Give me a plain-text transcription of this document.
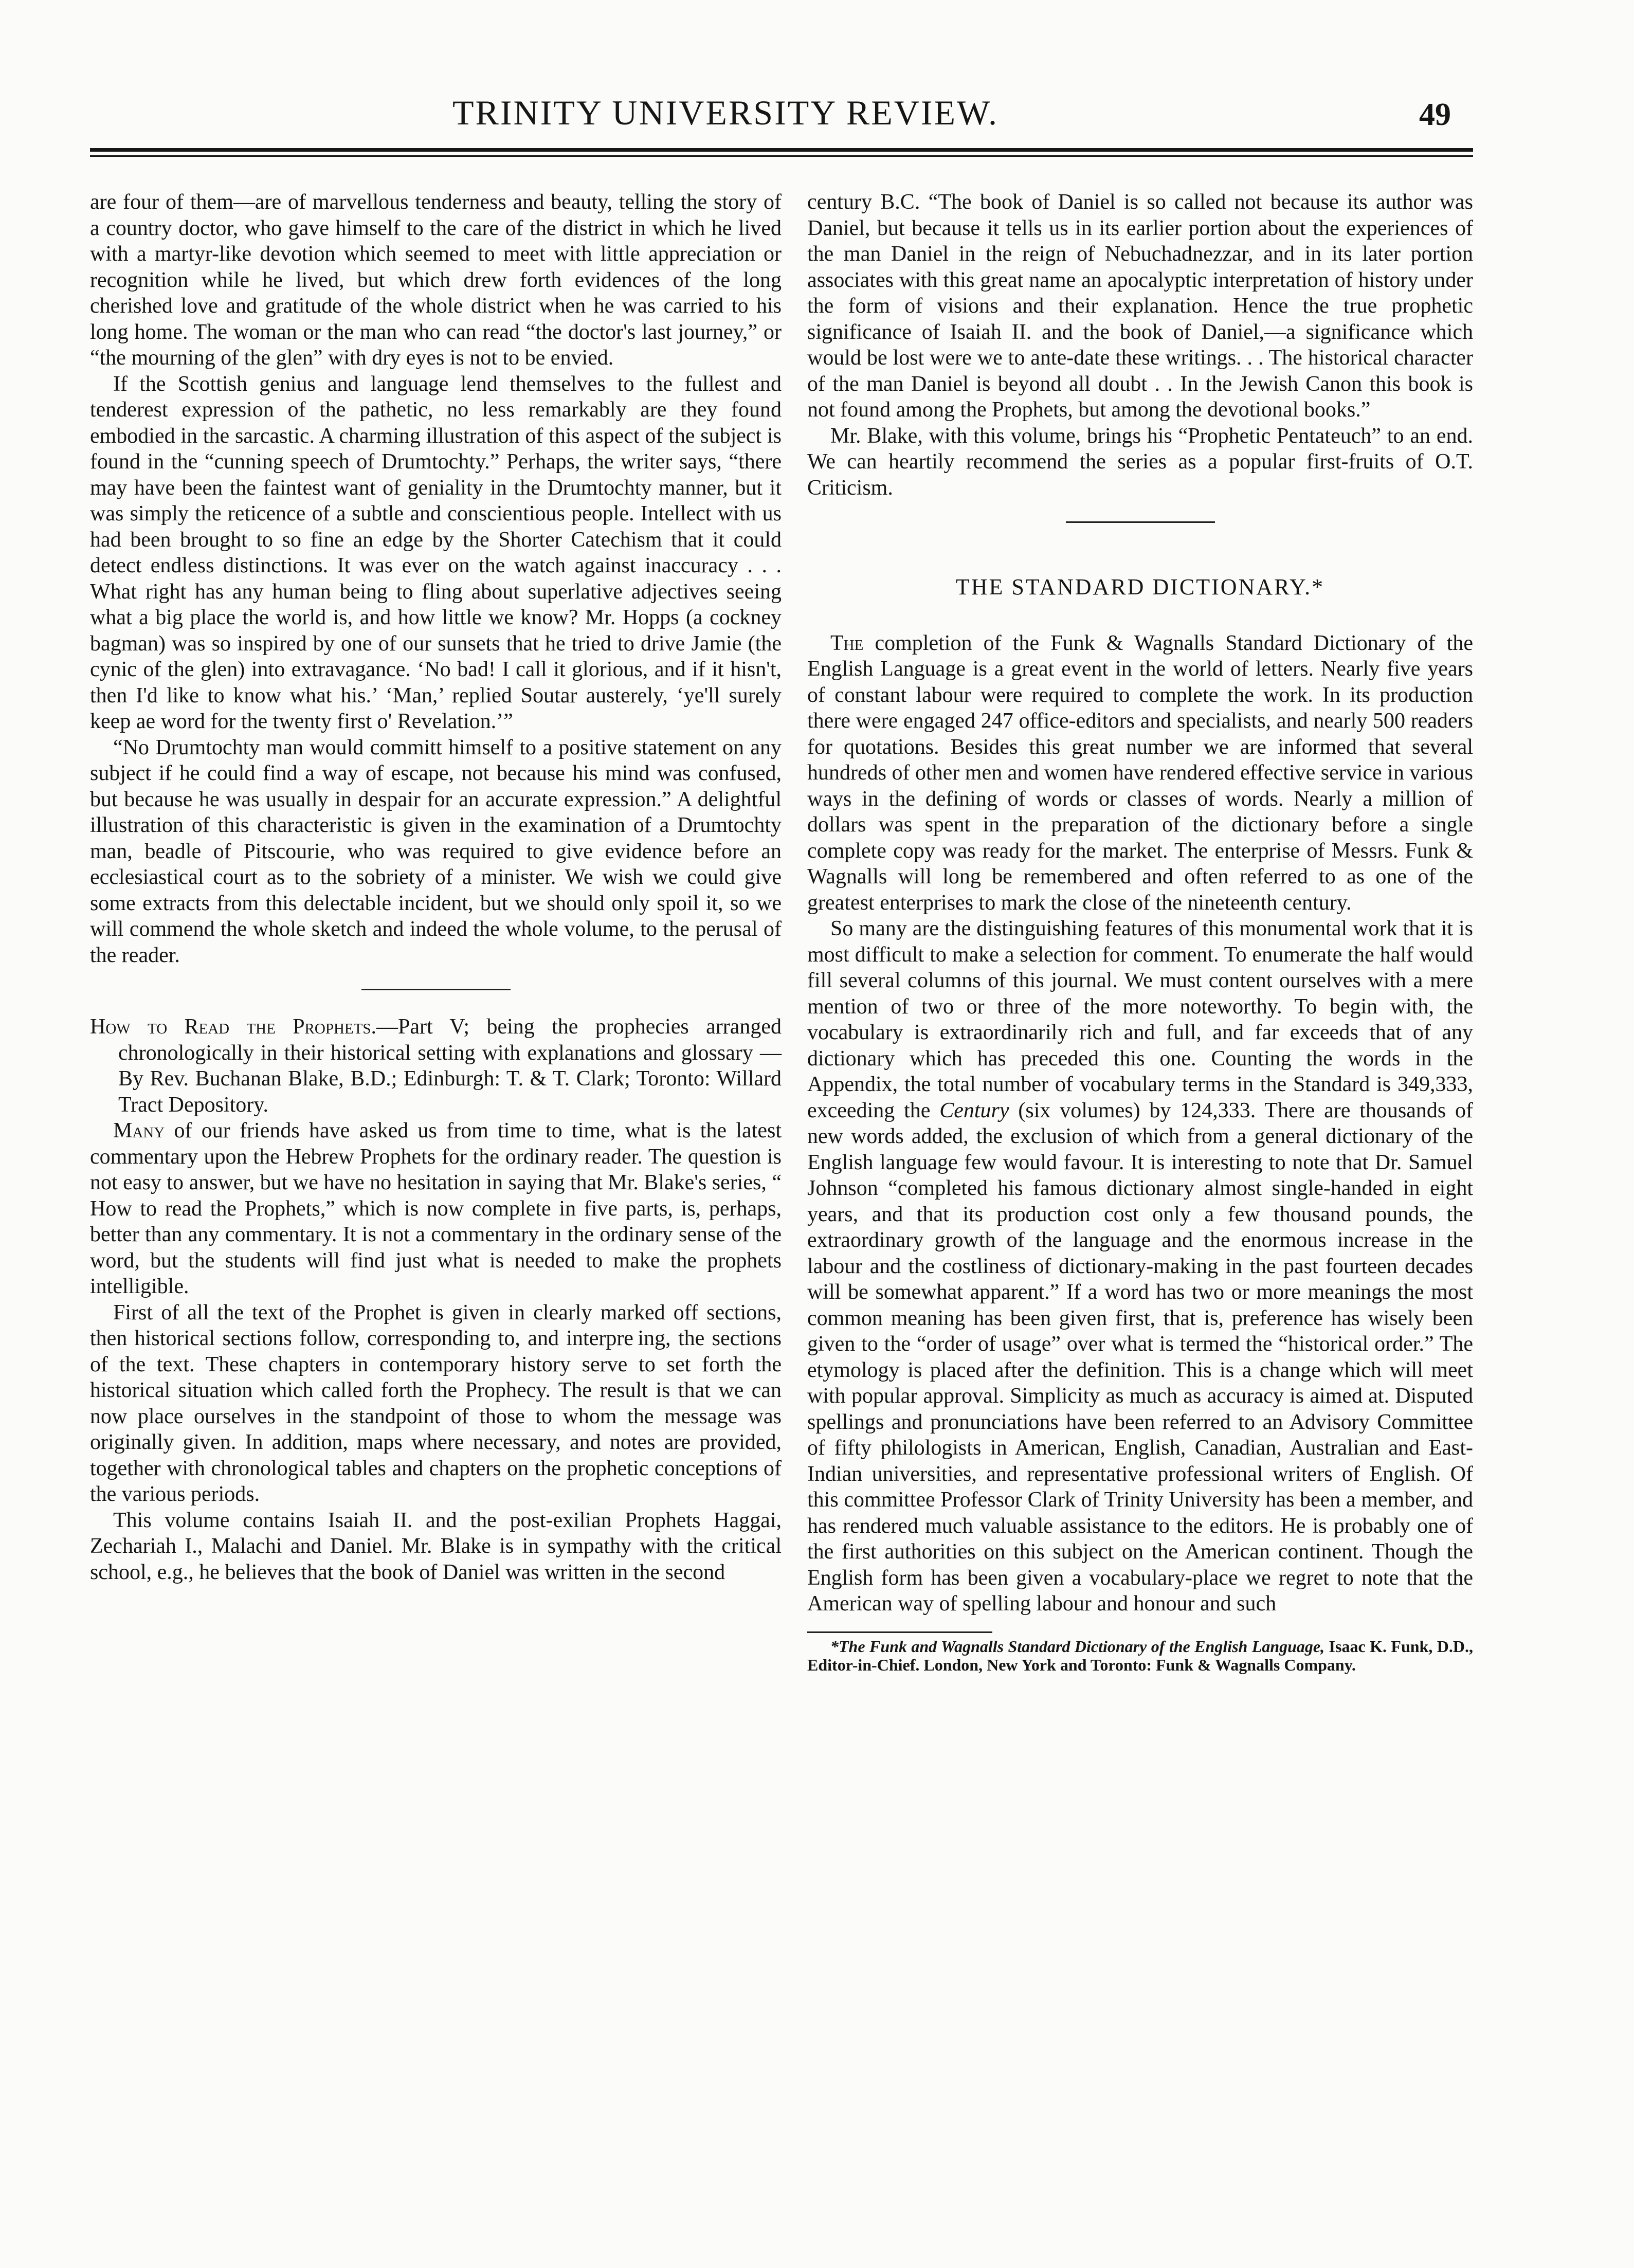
TRINITY UNIVERSITY REVIEW.	49

are four of them—are of marvellous tenderness and beauty, telling the story of a country doctor, who gave himself to the care of the district in which he lived with a martyr-like devotion which seemed to meet with little appreciation or recognition while he lived, but which drew forth evidences of the long cherished love and gratitude of the whole district when he was carried to his long home. The woman or the man who can read “the doctor's last journey,” or “the mourning of the glen” with dry eyes is not to be envied.

If the Scottish genius and language lend themselves to the fullest and tenderest expression of the pathetic, no less remarkably are they found embodied in the sarcastic. A charming illustration of this aspect of the subject is found in the “cunning speech of Drumtochty.” Perhaps, the writer says, “there may have been the faintest want of geniality in the Drumtochty manner, but it was simply the reticence of a subtle and conscientious people. Intellect with us had been brought to so fine an edge by the Shorter Catechism that it could detect endless distinctions. It was ever on the watch against inaccuracy . . . What right has any human being to fling about superlative adjectives seeing what a big place the world is, and how little we know? Mr. Hopps (a cockney bagman) was so inspired by one of our sunsets that he tried to drive Jamie (the cynic of the glen) into extravagance. ‘No bad! I call it glorious, and if it hisn't, then I'd like to know what his.’ ‘Man,’ replied Soutar austerely, ‘ye'll surely keep ae word for the twenty first o' Revelation.’”

“No Drumtochty man would committ himself to a positive statement on any subject if he could find a way of escape, not because his mind was confused, but because he was usually in despair for an accurate expression.” A delightful illustration of this characteristic is given in the examination of a Drumtochty man, beadle of Pitscourie, who was required to give evidence before an ecclesiastical court as to the sobriety of a minister. We wish we could give some extracts from this delectable incident, but we should only spoil it, so we will commend the whole sketch and indeed the whole volume, to the perusal of the reader.

How to Read the Prophets.—Part V; being the prophecies arranged chronologically in their historical setting with explanations and glossary —By Rev. Buchanan Blake, B.D.; Edinburgh: T. & T. Clark; Toronto: Willard Tract Depository.

Many of our friends have asked us from time to time, what is the latest commentary upon the Hebrew Prophets for the ordinary reader. The question is not easy to answer, but we have no hesitation in saying that Mr. Blake's series, “ How to read the Prophets,” which is now complete in five parts, is, perhaps, better than any commentary. It is not a commentary in the ordinary sense of the word, but the students will find just what is needed to make the prophets intelligible.

First of all the text of the Prophet is given in clearly marked off sections, then historical sections follow, corresponding to, and interpre ing, the sections of the text. These chapters in contemporary history serve to set forth the historical situation which called forth the Prophecy. The result is that we can now place ourselves in the standpoint of those to whom the message was originally given. In addition, maps where necessary, and notes are provided, together with chronological tables and chapters on the prophetic conceptions of the various periods.

This volume contains Isaiah II. and the post-exilian Prophets Haggai, Zechariah I., Malachi and Daniel. Mr. Blake is in sympathy with the critical school, e.g., he believes that the book of Daniel was written in the second

century B.C. “The book of Daniel is so called not because its author was Daniel, but because it tells us in its earlier portion about the experiences of the man Daniel in the reign of Nebuchadnezzar, and in its later portion associates with this great name an apocalyptic interpretation of history under the form of visions and their explanation. Hence the true prophetic significance of Isaiah II. and the book of Daniel,—a significance which would be lost were we to ante-date these writings. . . The historical character of the man Daniel is beyond all doubt . . In the Jewish Canon this book is not found among the Prophets, but among the devotional books.”

Mr. Blake, with this volume, brings his “Prophetic Pentateuch” to an end. We can heartily recommend the series as a popular first-fruits of O.T. Criticism.

THE STANDARD DICTIONARY.*

The completion of the Funk & Wagnalls Standard Dictionary of the English Language is a great event in the world of letters. Nearly five years of constant labour were required to complete the work. In its production there were engaged 247 office-editors and specialists, and nearly 500 readers for quotations. Besides this great number we are informed that several hundreds of other men and women have rendered effective service in various ways in the defining of words or classes of words. Nearly a million of dollars was spent in the preparation of the dictionary before a single complete copy was ready for the market. The enterprise of Messrs. Funk & Wagnalls will long be remembered and often referred to as one of the greatest enterprises to mark the close of the nineteenth century.

So many are the distinguishing features of this monumental work that it is most difficult to make a selection for comment. To enumerate the half would fill several columns of this journal. We must content ourselves with a mere mention of two or three of the more noteworthy. To begin with, the vocabulary is extraordinarily rich and full, and far exceeds that of any dictionary which has preceded this one. Counting the words in the Appendix, the total number of vocabulary terms in the Standard is 349,333, exceeding the Century (six volumes) by 124,333. There are thousands of new words added, the exclusion of which from a general dictionary of the English language few would favour. It is interesting to note that Dr. Samuel Johnson “completed his famous dictionary almost single-handed in eight years, and that its production cost only a few thousand pounds, the extraordinary growth of the language and the enormous increase in the labour and the costliness of dictionary-making in the past fourteen decades will be somewhat apparent.” If a word has two or more meanings the most common meaning has been given first, that is, preference has wisely been given to the “order of usage” over what is termed the “historical order.” The etymology is placed after the definition. This is a change which will meet with popular approval. Simplicity as much as accuracy is aimed at. Disputed spellings and pronunciations have been referred to an Advisory Committee of fifty philologists in American, English, Canadian, Australian and East-Indian universities, and representative professional writers of English. Of this committee Professor Clark of Trinity University has been a member, and has rendered much valuable assistance to the editors. He is probably one of the first authorities on this subject on the American continent. Though the English form has been given a vocabulary-place we regret to note that the American way of spelling labour and honour and such

*The Funk and Wagnalls Standard Dictionary of the English Language, Isaac K. Funk, D.D., Editor-in-Chief. London, New York and Toronto: Funk & Wagnalls Company.
